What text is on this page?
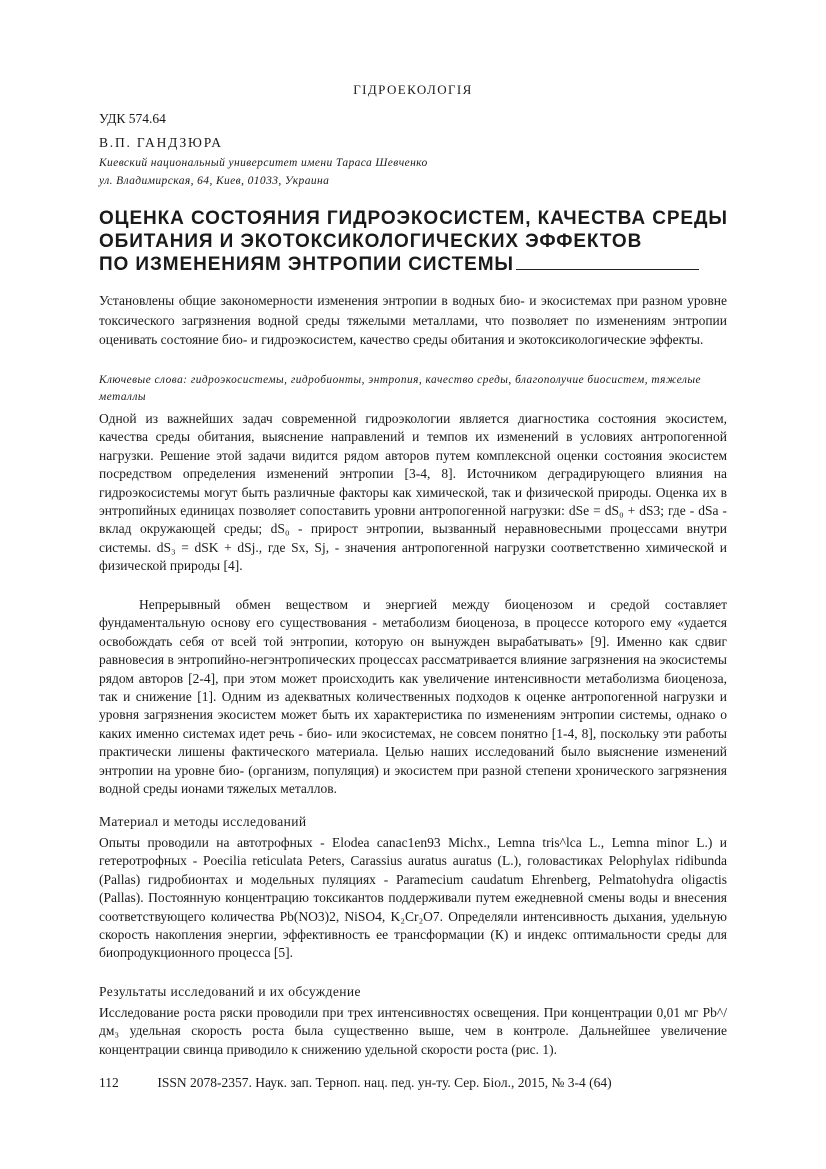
ГІДРОЕКОЛОГІЯ
УДК 574.64
В.П. ГАНДЗЮРА
Киевский национальный университет имени Тараса Шевченко
ул. Владимирская, 64, Киев, 01033, Украина
ОЦЕНКА СОСТОЯНИЯ ГИДРОЭКОСИСТЕМ, КАЧЕСТВА СРЕДЫ
ОБИТАНИЯ И ЭКОТОКСИКОЛОГИЧЕСКИХ ЭФФЕКТОВ
ПО ИЗМЕНЕНИЯМ ЭНТРОПИИ СИСТЕМЫ
Установлены общие закономерности изменения энтропии в водных био- и экосистемах при разном уровне токсического загрязнения водной среды тяжелыми металлами, что позволяет по изменениям энтропии оценивать состояние био- и гидроэкосистем, качество среды обитания и экотоксикологические эффекты.
Ключевые слова: гидроэкосистемы, гидробионты, энтропия, качество среды, благополучие биосистем, тяжелые металлы

Одной из важнейших задач современной гидроэкологии является диагностика состояния экосистем, качества среды обитания, выяснение направлений и темпов их изменений в условиях антропогенной нагрузки. Решение этой задачи видится рядом авторов путем комплексной оценки состояния экосистем посредством определения изменений энтропии [3-4, 8]. Источником деградирующего влияния на гидроэкосистемы могут быть различные факторы как химической, так и физической природы. Оценка их в энтропийных единицах позволяет сопоставить уровни антропогенной нагрузки: dSe = dS₀ + dS3; где - dSa - вклад окружающей среды; dS₀ - прирост энтропии, вызванный неравновесными процессами внутри системы. dS₃ = dSK + dSj., где Sx, Sj, - значения антропогенной нагрузки соответственно химической и физической природы [4].

Непрерывный обмен веществом и энергией между биоценозом и средой составляет фундаментальную основу его существования - метаболизм биоценоза, в процессе которого ему «удается освобождать себя от всей той энтропии, которую он вынужден вырабатывать» [9]. Именно как сдвиг равновесия в энтропийно-негэнтропических процессах рассматривается влияние загрязнения на экосистемы рядом авторов [2-4], при этом может происходить как увеличение интенсивности метаболизма биоценоза, так и снижение [1]. Одним из адекватных количественных подходов к оценке антропогенной нагрузки и уровня загрязнения экосистем может быть их характеристика по изменениям энтропии системы, однако о каких именно системах идет речь - био- или экосистемах, не совсем понятно [1-4, 8], поскольку эти работы практически лишены фактического материала. Целью наших исследований было выяснение изменений энтропии на уровне био- (организм, популяция) и экосистем при разной степени хронического загрязнения водной среды ионами тяжелых металлов.

Материал и методы исследований

Опыты проводили на автотрофных - Elodea canac1en93 Michx., Lemna tris^lca L., Lemna minor L.) и гетеротрофных - Poecilia reticulata Peters, Carassius auratus auratus (L.), головастиках Pelophylax ridibunda (Pallas) гидробионтах и модельных пуляциях - Paramecium caudatum Ehrenberg, Pelmatohydra oligactis (Pallas). Постоянную концентрацию токсикантов поддерживали путем ежедневной смены воды и внесения соответствующего количества Pb(NO3)2, NiSO4, K₂Cr₂O7. Определяли интенсивность дыхания, удельную скорость накопления энергии, эффективность ее трансформации (К) и индекс оптимальности среды для биопродукционного процесса [5].

Результаты исследований и их обсуждение

Исследование роста ряски проводили при трех интенсивностях освещения. При концентрации 0,01 мг Pb^/дм₃ удельная скорость роста была существенно выше, чем в контроле. Дальнейшее увеличение концентрации свинца приводило к снижению удельной скорости роста (рис. 1).

112	ISSN 2078-2357. Наук. зап. Терноп. нац. пед. ун-ту. Сер. Біол., 2015, № 3-4 (64)
